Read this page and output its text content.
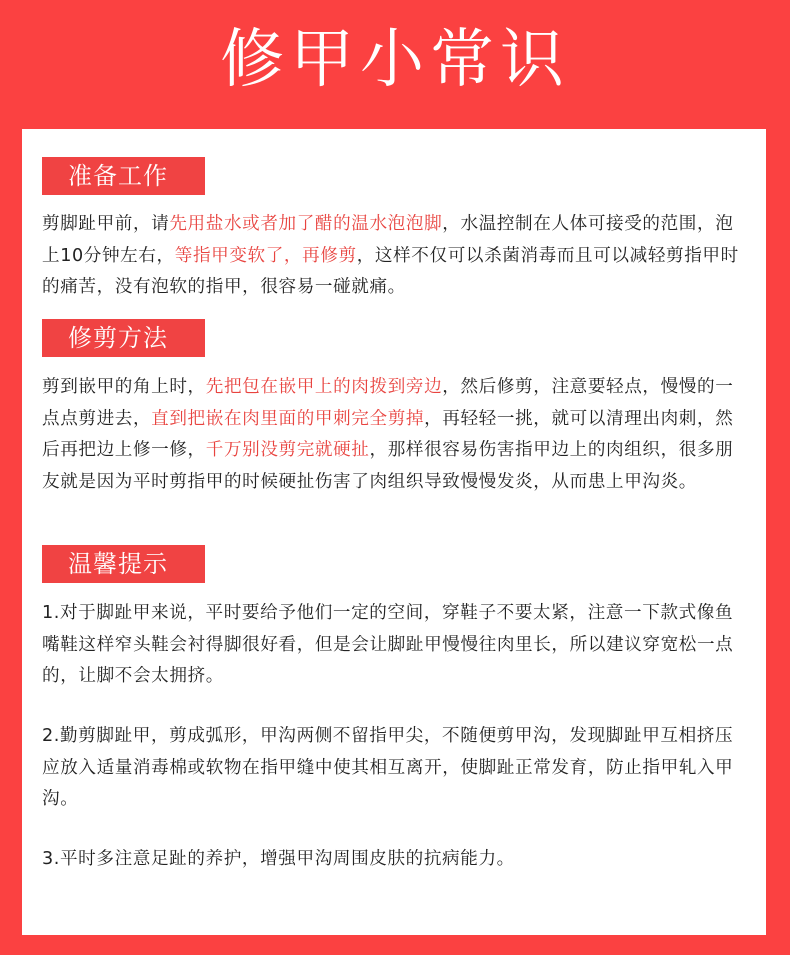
修甲小常识
准备工作
剪脚趾甲前，请先用盐水或者加了醋的温水泡泡脚，水温控制在人体可接受的范围，泡上10分钟左右，等指甲变软了，再修剪，这样不仅可以杀菌消毒而且可以减轻剪指甲时的痛苦，没有泡软的指甲，很容易一碰就痛。
修剪方法
剪到嵌甲的角上时，先把包在嵌甲上的肉拨到旁边，然后修剪，注意要轻点，慢慢的一点点剪进去，直到把嵌在肉里面的甲刺完全剪掉，再轻轻一挑，就可以清理出肉刺，然后再把边上修一修，千万别没剪完就硬扯，那样很容易伤害指甲边上的肉组织，很多朋友就是因为平时剪指甲的时候硬扯伤害了肉组织导致慢慢发炎，从而患上甲沟炎。
温馨提示
1.对于脚趾甲来说，平时要给予他们一定的空间，穿鞋子不要太紧，注意一下款式像鱼嘴鞋这样窄头鞋会衬得脚很好看，但是会让脚趾甲慢慢往肉里长，所以建议穿宽松一点的，让脚不会太拥挤。
2.勤剪脚趾甲，剪成弧形，甲沟两侧不留指甲尖，不随便剪甲沟，发现脚趾甲互相挤压应放入适量消毒棉或软物在指甲缝中使其相互离开，使脚趾正常发育，防止指甲轧入甲沟。
3.平时多注意足趾的养护，增强甲沟周围皮肤的抗病能力。
